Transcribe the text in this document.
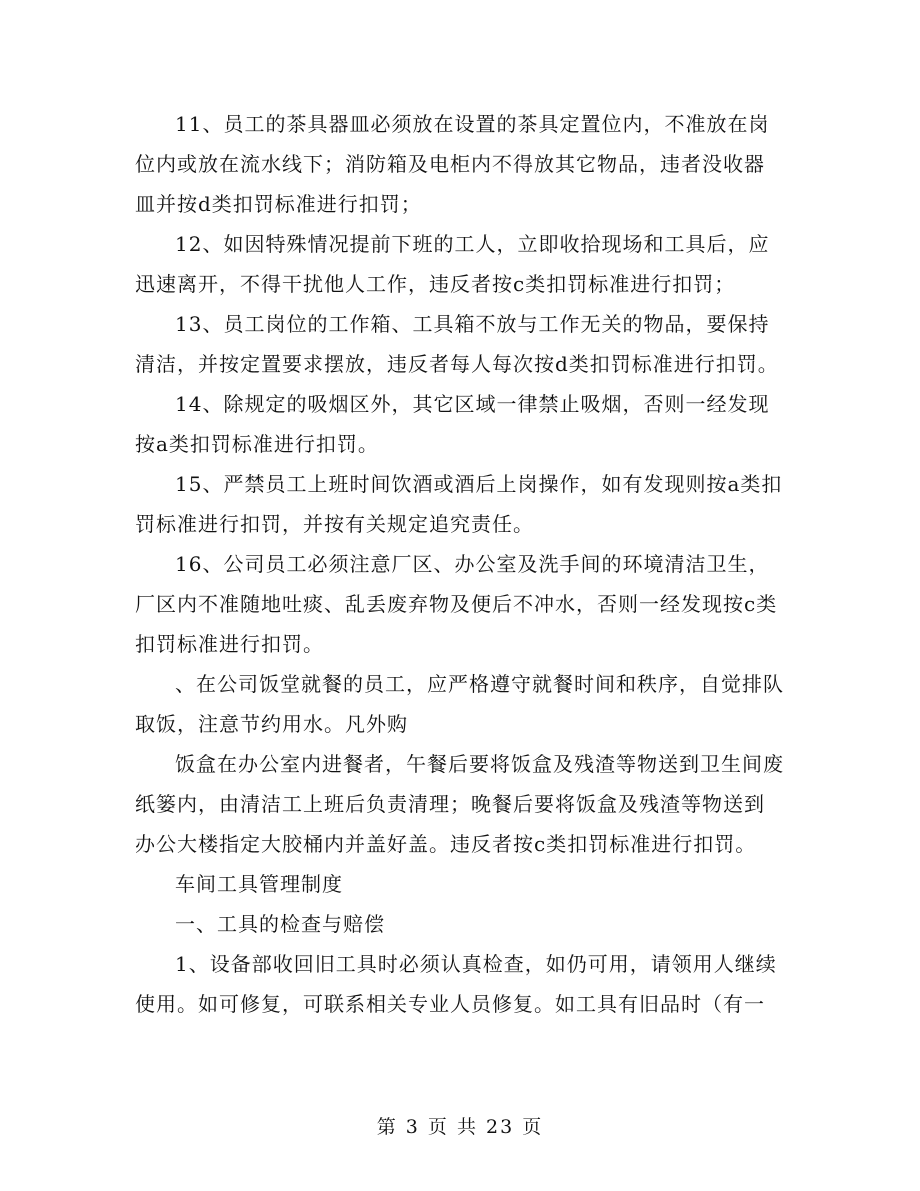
11、员工的茶具器皿必须放在设置的茶具定置位内，不准放在岗位内或放在流水线下；消防箱及电柜内不得放其它物品，违者没收器皿并按d类扣罚标准进行扣罚；

12、如因特殊情况提前下班的工人，立即收拾现场和工具后，应迅速离开，不得干扰他人工作，违反者按c类扣罚标准进行扣罚；

13、员工岗位的工作箱、工具箱不放与工作无关的物品，要保持清洁，并按定置要求摆放，违反者每人每次按d类扣罚标准进行扣罚。

14、除规定的吸烟区外，其它区域一律禁止吸烟，否则一经发现按a类扣罚标准进行扣罚。

15、严禁员工上班时间饮酒或酒后上岗操作，如有发现则按a类扣罚标准进行扣罚，并按有关规定追究责任。

16、公司员工必须注意厂区、办公室及洗手间的环境清洁卫生，厂区内不准随地吐痰、乱丢废弃物及便后不冲水，否则一经发现按c类扣罚标准进行扣罚。

、在公司饭堂就餐的员工，应严格遵守就餐时间和秩序，自觉排队取饭，注意节约用水。凡外购

饭盒在办公室内进餐者，午餐后要将饭盒及残渣等物送到卫生间废纸篓内，由清洁工上班后负责清理；晚餐后要将饭盒及残渣等物送到办公大楼指定大胶桶内并盖好盖。违反者按c类扣罚标准进行扣罚。

车间工具管理制度

一、工具的检查与赔偿

1、设备部收回旧工具时必须认真检查，如仍可用，请领用人继续使用。如可修复，可联系相关专业人员修复。如工具有旧品时（有一

第 3 页 共 23 页
